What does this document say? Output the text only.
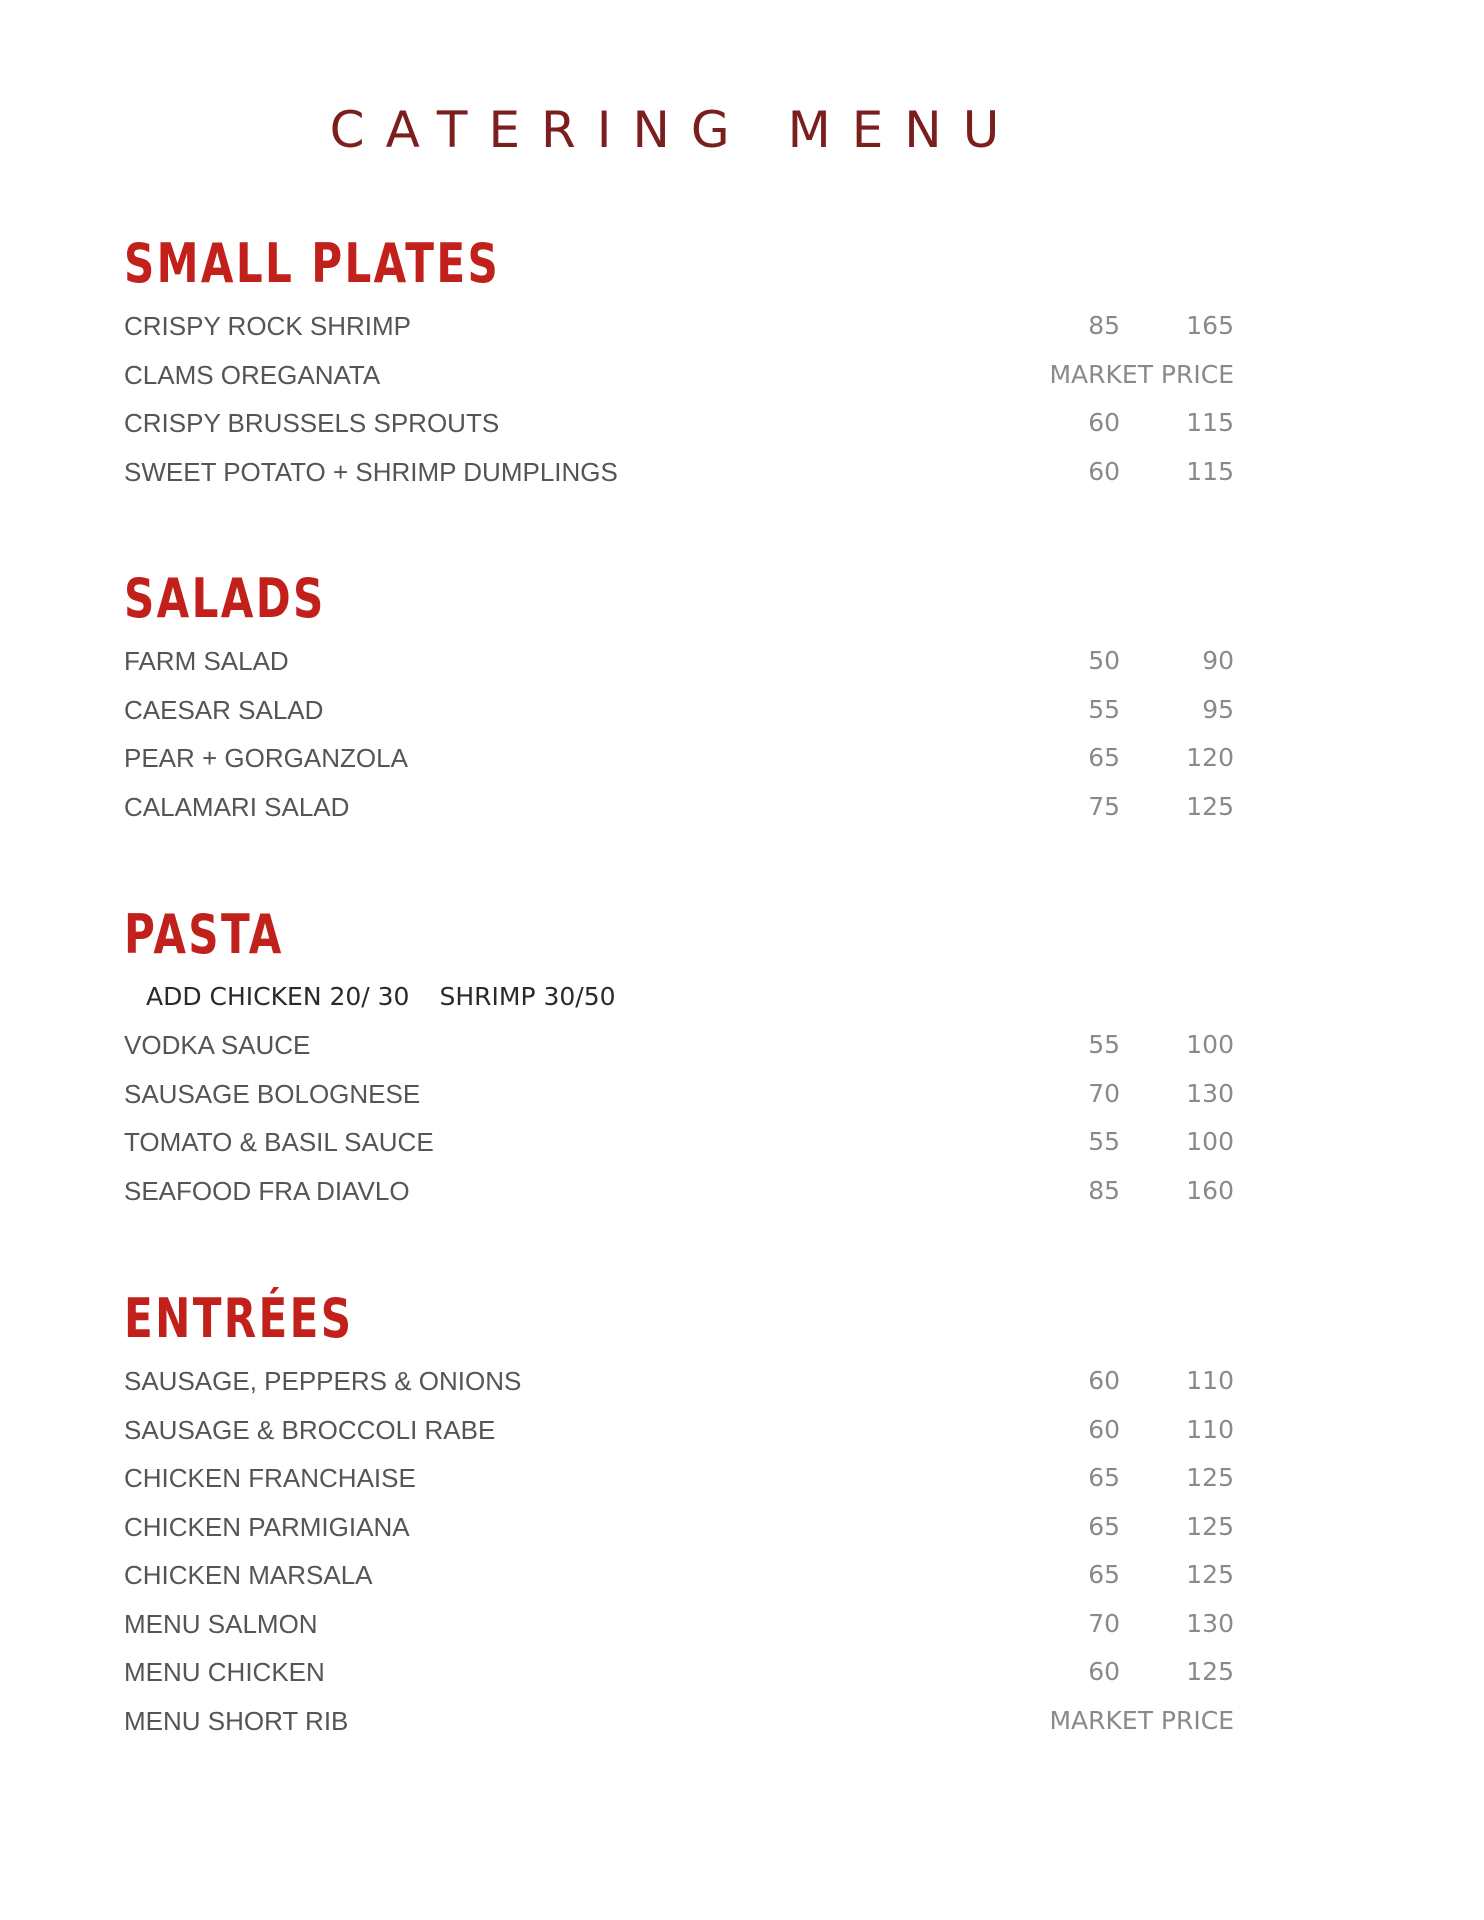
CATERING MENU
SMALL PLATES
CRISPY ROCK SHRIMP	85	165
CLAMS OREGANATA	MARKET PRICE
CRISPY BRUSSELS SPROUTS	60	115
SWEET POTATO + SHRIMP DUMPLINGS	60	115
SALADS
FARM SALAD	50	90
CAESAR SALAD	55	95
PEAR + GORGANZOLA	65	120
CALAMARI SALAD	75	125
PASTA
ADD CHICKEN 20/ 30 SHRIMP 30/50
VODKA SAUCE	55	100
SAUSAGE BOLOGNESE	70	130
TOMATO & BASIL SAUCE	55	100
SEAFOOD FRA DIAVLO	85	160
ENTRÉES
SAUSAGE, PEPPERS & ONIONS	60	110
SAUSAGE & BROCCOLI RABE	60	110
CHICKEN FRANCHAISE	65	125
CHICKEN PARMIGIANA	65	125
CHICKEN MARSALA	65	125
MENU SALMON	70	130
MENU CHICKEN	60	125
MENU SHORT RIB	MARKET PRICE
